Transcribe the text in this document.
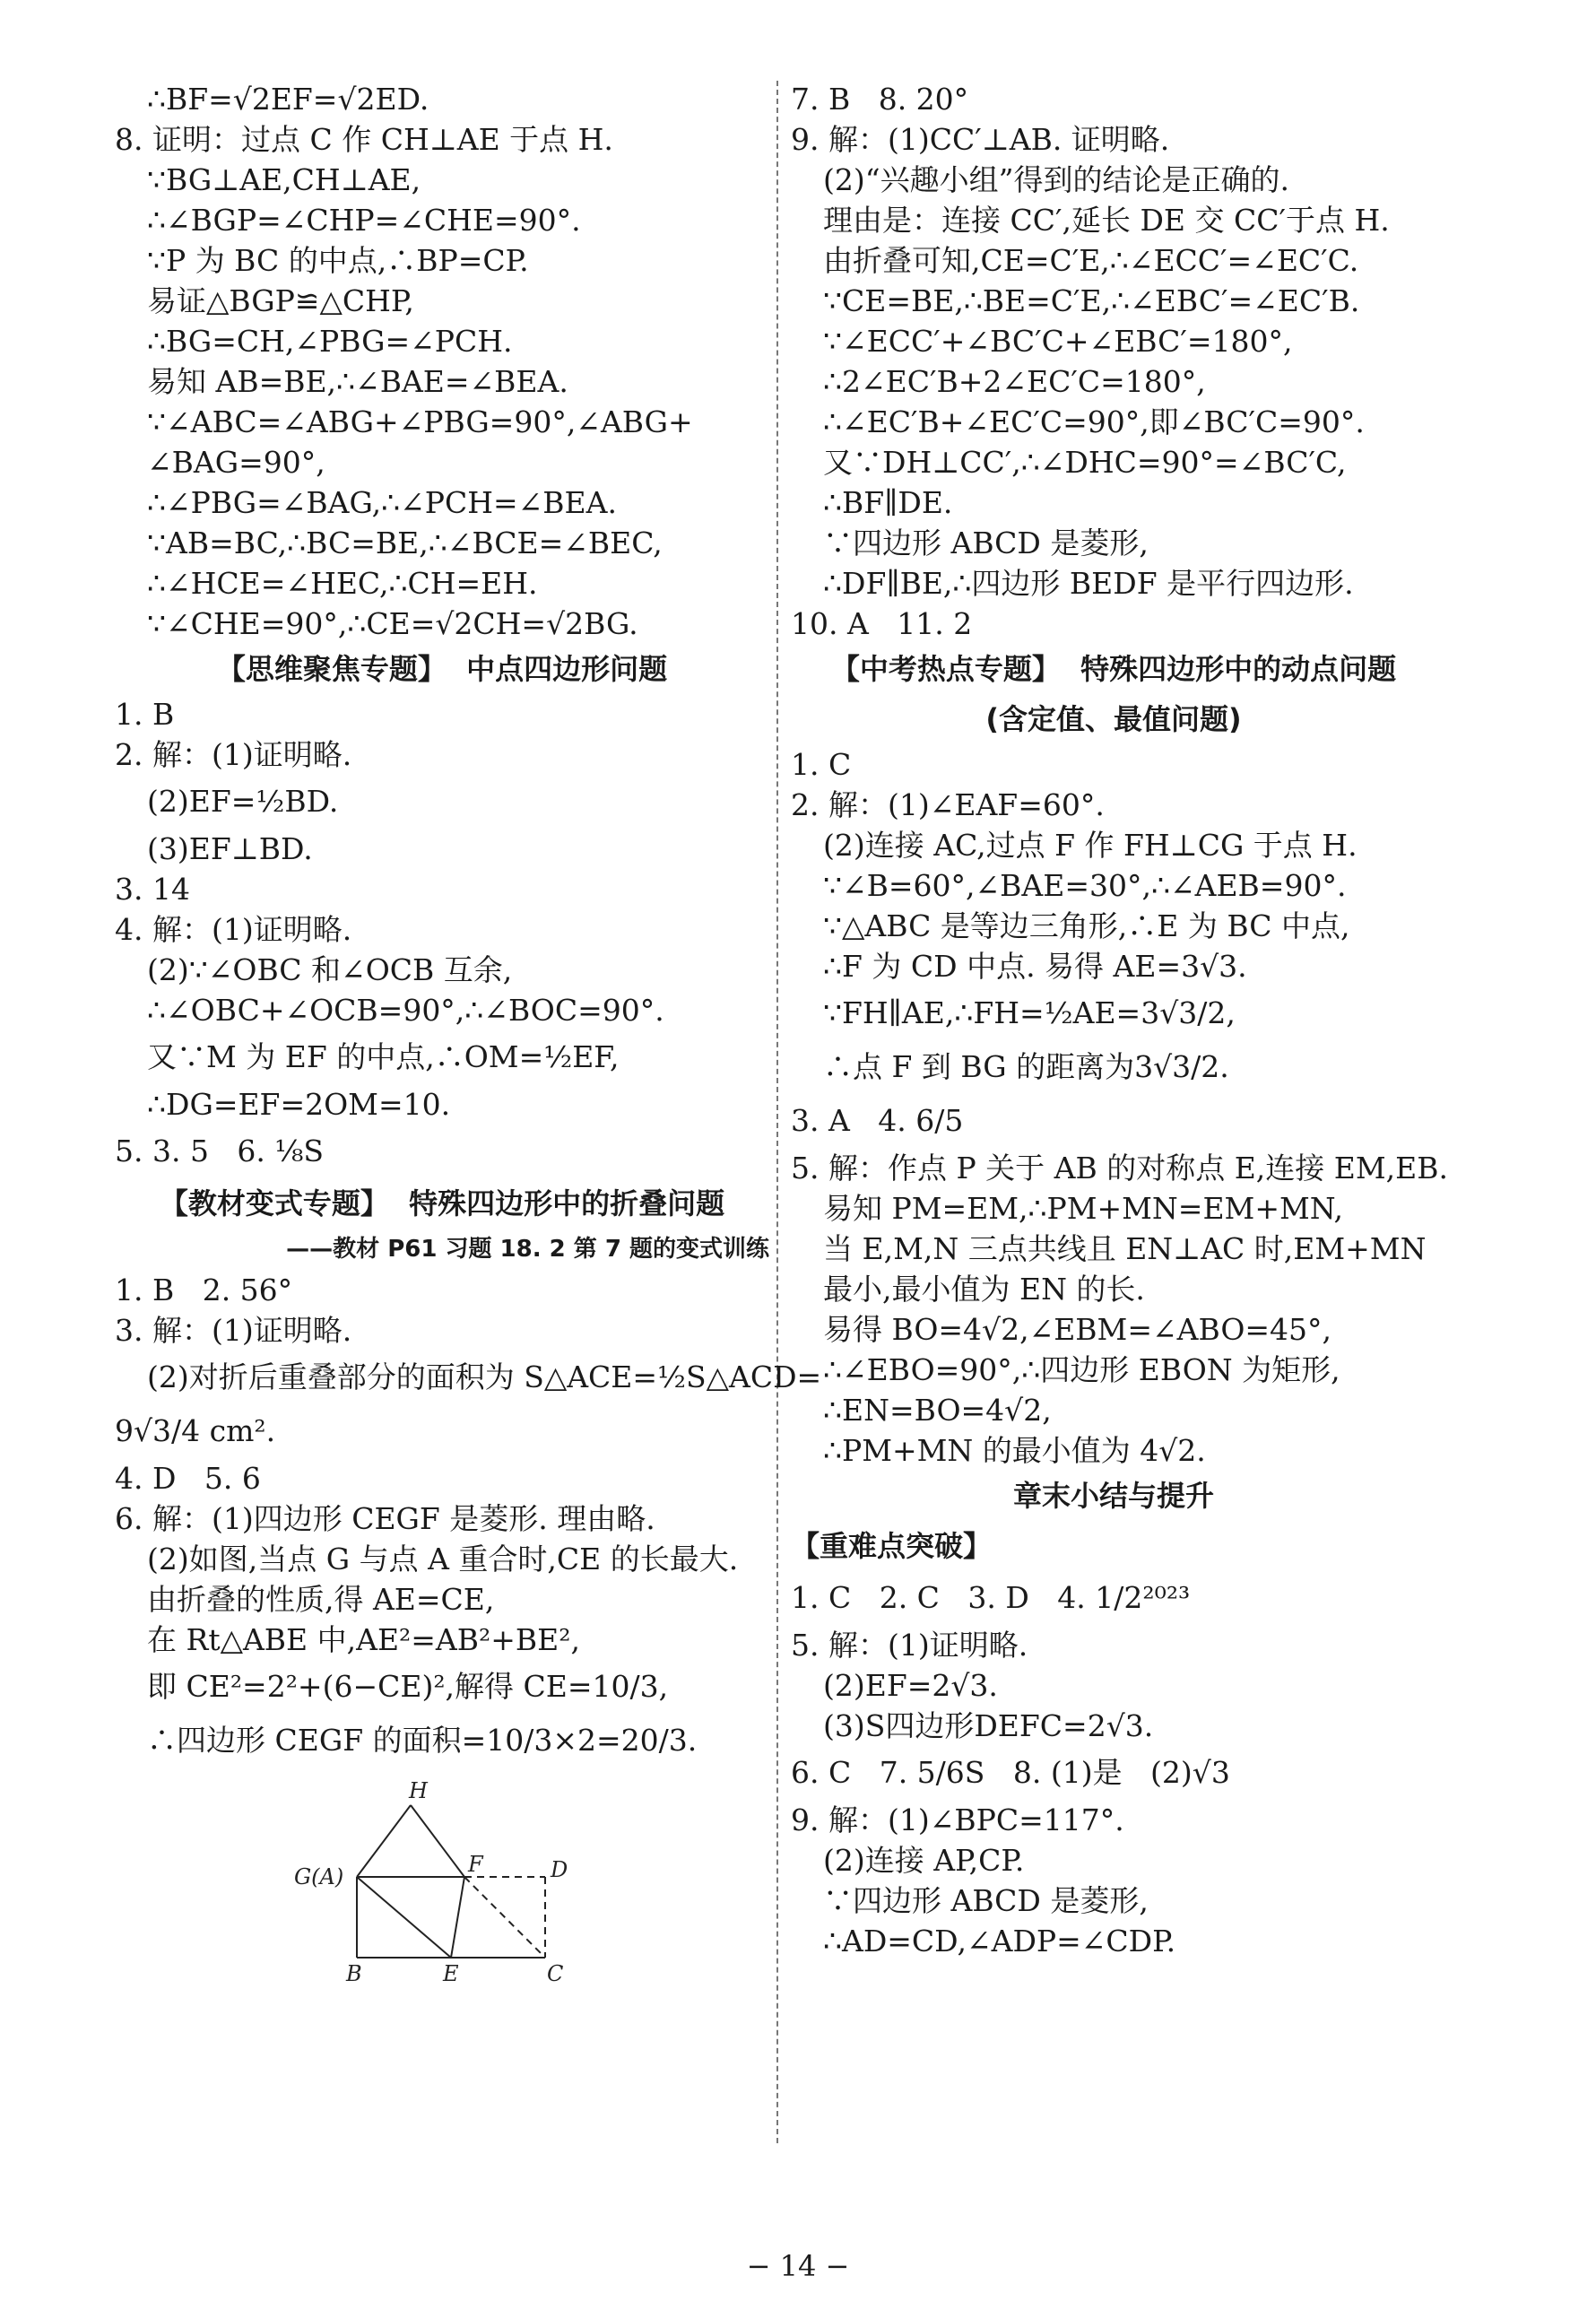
∴BF=√2EF=√2ED.
8. 证明：过点 C 作 CH⊥AE 于点 H.
∵BG⊥AE,CH⊥AE,
∴∠BGP=∠CHP=∠CHE=90°.
∵P 为 BC 的中点,∴BP=CP.
易证△BGP≌△CHP,
∴BG=CH,∠PBG=∠PCH.
易知 AB=BE,∴∠BAE=∠BEA.
∵∠ABC=∠ABG+∠PBG=90°,∠ABG+
∠BAG=90°,
∴∠PBG=∠BAG,∴∠PCH=∠BEA.
∵AB=BC,∴BC=BE,∴∠BCE=∠BEC,
∴∠HCE=∠HEC,∴CH=EH.
∵∠CHE=90°,∴CE=√2CH=√2BG.
【思维聚焦专题】  中点四边形问题
1. B
2. 解：(1)证明略.
(2)EF=½BD.
(3)EF⊥BD.
3. 14
4. 解：(1)证明略.
(2)∵∠OBC 和∠OCB 互余,
∴∠OBC+∠OCB=90°,∴∠BOC=90°.
又∵M 为 EF 的中点,∴OM=½EF,
∴DG=EF=2OM=10.
5. 3. 5   6. ⅛S
【教材变式专题】  特殊四边形中的折叠问题
——教材 P61 习题 18. 2 第 7 题的变式训练
1. B   2. 56°
3. 解：(1)证明略.
(2)对折后重叠部分的面积为 S△ACE=½S△ACD=
9√3/4 cm².
4. D   5. 6
6. 解：(1)四边形 CEGF 是菱形. 理由略.
(2)如图,当点 G 与点 A 重合时,CE 的长最大.
由折叠的性质,得 AE=CE,
在 Rt△ABE 中,AE²=AB²+BE²,
即 CE²=2²+(6−CE)²,解得 CE=10/3,
∴四边形 CEGF 的面积=10/3×2=20/3.
H
G(A)	F	D
B	E	C
7. B   8. 20°
9. 解：(1)CC′⊥AB. 证明略.
(2)“兴趣小组”得到的结论是正确的.
理由是：连接 CC′,延长 DE 交 CC′于点 H.
由折叠可知,CE=C′E,∴∠ECC′=∠EC′C.
∵CE=BE,∴BE=C′E,∴∠EBC′=∠EC′B.
∵∠ECC′+∠BC′C+∠EBC′=180°,
∴2∠EC′B+2∠EC′C=180°,
∴∠EC′B+∠EC′C=90°,即∠BC′C=90°.
又∵DH⊥CC′,∴∠DHC=90°=∠BC′C,
∴BF∥DE.
∵四边形 ABCD 是菱形,
∴DF∥BE,∴四边形 BEDF 是平行四边形.
10. A   11. 2
【中考热点专题】  特殊四边形中的动点问题
(含定值、最值问题)
1. C
2. 解：(1)∠EAF=60°.
(2)连接 AC,过点 F 作 FH⊥CG 于点 H.
∵∠B=60°,∠BAE=30°,∴∠AEB=90°.
∵△ABC 是等边三角形,∴E 为 BC 中点,
∴F 为 CD 中点. 易得 AE=3√3.
∵FH∥AE,∴FH=½AE=3√3/2,
∴点 F 到 BG 的距离为3√3/2.
3. A   4. 6/5
5. 解：作点 P 关于 AB 的对称点 E,连接 EM,EB.
易知 PM=EM,∴PM+MN=EM+MN,
当 E,M,N 三点共线且 EN⊥AC 时,EM+MN
最小,最小值为 EN 的长.
易得 BO=4√2,∠EBM=∠ABO=45°,
∴∠EBO=90°,∴四边形 EBON 为矩形,
∴EN=BO=4√2,
∴PM+MN 的最小值为 4√2.
章末小结与提升
【重难点突破】
1. C   2. C   3. D   4. 1/2²⁰²³
5. 解：(1)证明略.
(2)EF=2√3.
(3)S四边形DEFC=2√3.
6. C   7. 5/6S   8. (1)是   (2)√3
9. 解：(1)∠BPC=117°.
(2)连接 AP,CP.
∵四边形 ABCD 是菱形,
∴AD=CD,∠ADP=∠CDP.
− 14 −
